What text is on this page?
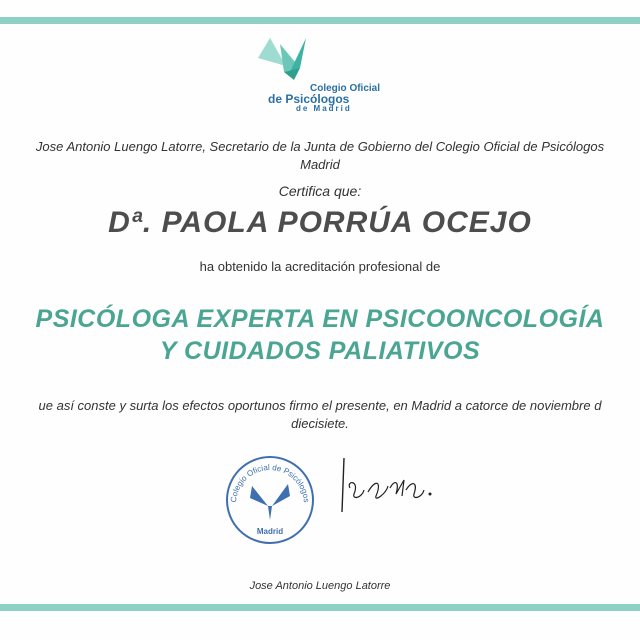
Colegio Oficial
de Psicólogos
de Madrid
Jose Antonio Luengo Latorre, Secretario de la Junta de Gobierno del Colegio Oficial de Psicólogos
Madrid
Certifica que:
Dª. PAOLA PORRÚA OCEJO
ha obtenido la acreditación profesional de
PSICÓLOGA EXPERTA EN PSICOONCOLOGÍA
Y CUIDADOS PALIATIVOS
ue así conste y surta los efectos oportunos firmo el presente, en Madrid a catorce de noviembre d
diecisiete.
Colegio Oficial de Psicólogos
Madrid
Jose Antonio Luengo Latorre
